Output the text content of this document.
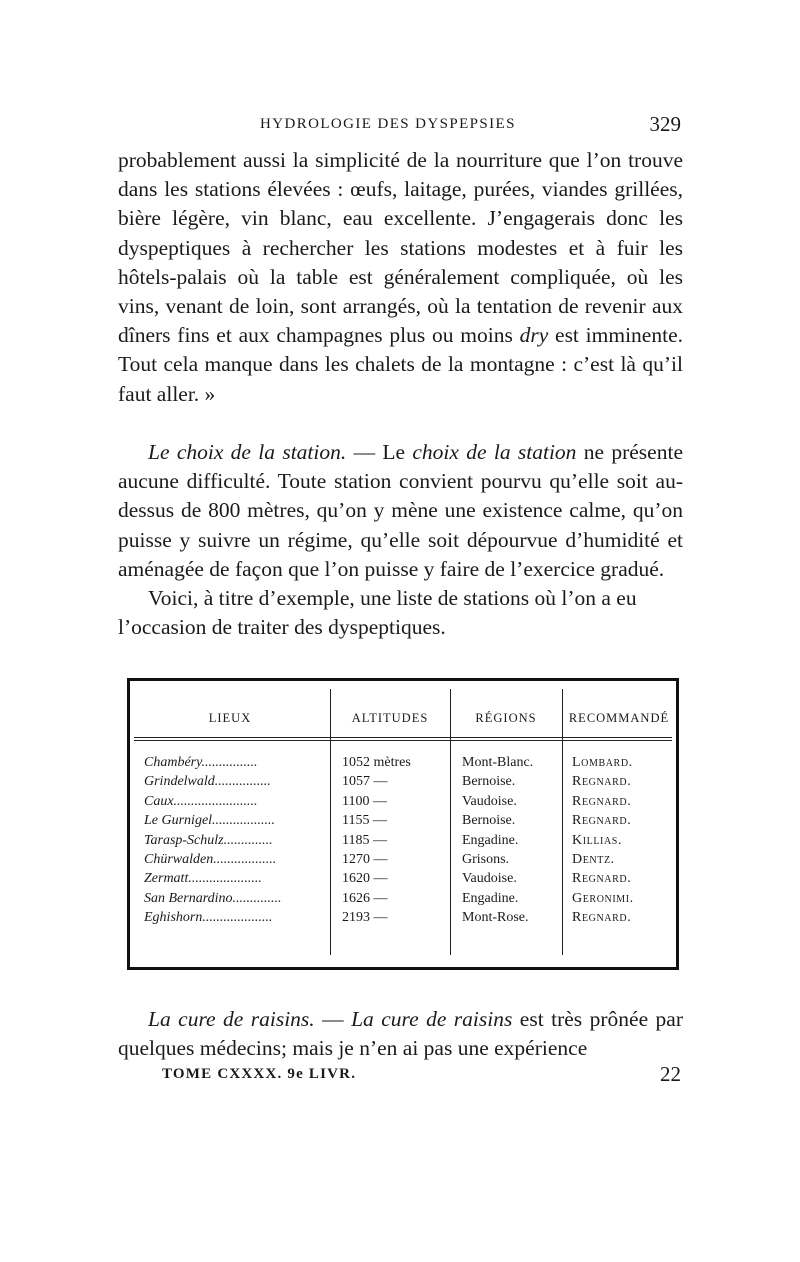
HYDROLOGIE DES DYSPEPSIES	329

probablement aussi la simplicité de la nourriture que l’on trouve dans les stations élevées : œufs, laitage, purées, viandes grillées, bière légère, vin blanc, eau excellente. J’engagerais donc les dyspeptiques à rechercher les stations modestes et à fuir les hôtels-palais où la table est généralement compliquée, où les vins, venant de loin, sont arrangés, où la tentation de revenir aux dîners fins et aux champagnes plus ou moins dry est imminente. Tout cela manque dans les chalets de la montagne : c’est là qu’il faut aller. »

Le choix de la station. — Le choix de la station ne présente aucune difficulté. Toute station convient pourvu qu’elle soit au-dessus de 800 mètres, qu’on y mène une existence calme, qu’on puisse y suivre un régime, qu’elle soit dépourvue d’humidité et aménagée de façon que l’on puisse y faire de l’exercice gradué.

Voici, à titre d’exemple, une liste de stations où l’on a eu l’occasion de traiter des dyspeptiques.

LIEUX	ALTITUDES	RÉGIONS	RECOMMANDÉ
Chambéry................	1052 mètres	Mont-Blanc.	Lombard.
Grindelwald................	1057 —	Bernoise.	Regnard.
Caux........................	1100 —	Vaudoise.	Regnard.
Le Gurnigel..................	1155 —	Bernoise.	Regnard.
Tarasp-Schulz..............	1185 —	Engadine.	Killias.
Chürwalden..................	1270 —	Grisons.	Dentz.
Zermatt.....................	1620 —	Vaudoise.	Regnard.
San Bernardino..............	1626 —	Engadine.	Geronimi.
Eghishorn....................	2193 —	Mont-Rose.	Regnard.

La cure de raisins. — La cure de raisins est très prônée par quelques médecins; mais je n’en ai pas une expérience

TOME CXXXX. 9e LIVR.	22
